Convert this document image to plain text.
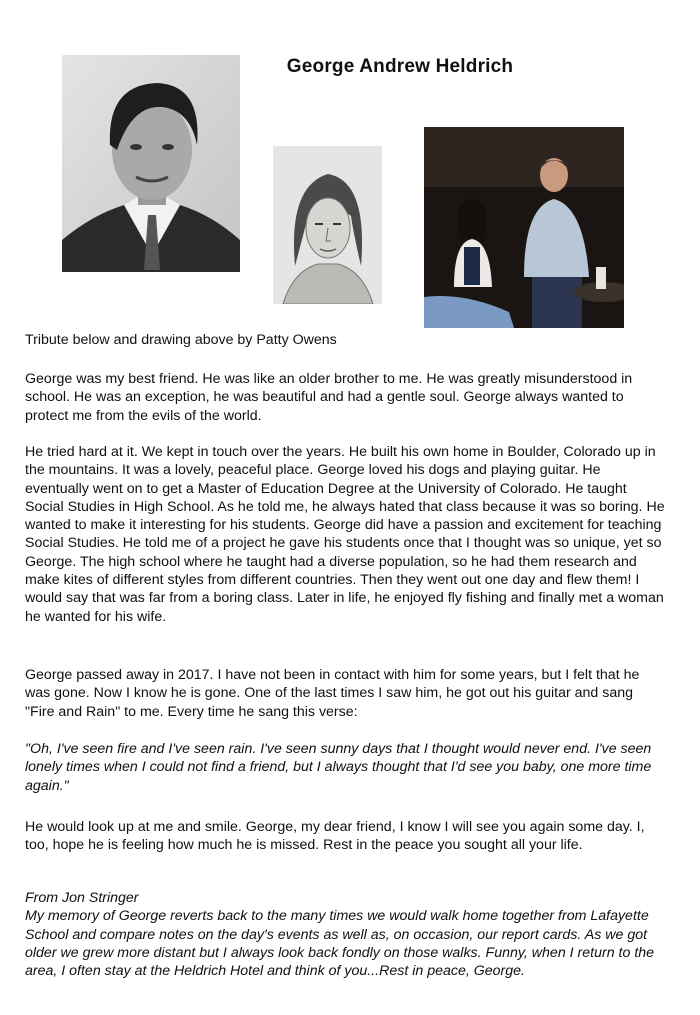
George Andrew Heldrich

Tribute below and drawing above by Patty Owens

George was my best friend. He was like an older brother to me. He was greatly misunderstood in school. He was an exception, he was beautiful and had a gentle soul. George always wanted to protect me from the evils of the world.

He tried hard at it. We kept in touch over the years. He built his own home in Boulder, Colorado up in the mountains. It was a lovely, peaceful place. George loved his dogs and playing guitar. He eventually went on to get a Master of Education Degree at the University of Colorado. He taught Social Studies in High School. As he told me, he always hated that class because it was so boring. He wanted to make it interesting for his students. George did have a passion and excitement for teaching Social Studies. He told me of a project he gave his students once that I thought was so unique, yet so George. The high school where he taught had a diverse population, so he had them research and make kites of different styles from different countries. Then they went out one day and flew them! I would say that was far from a boring class. Later in life, he enjoyed fly fishing and finally met a woman he wanted for his wife.

George passed away in 2017. I have not been in contact with him for some years, but I felt that he was gone. Now I know he is gone. One of the last times I saw him, he got out his guitar and sang "Fire and Rain" to me. Every time he sang this verse:

"Oh, I've seen fire and I've seen rain. I've seen sunny days that I thought would never end. I've seen lonely times when I could not find a friend, but I always thought that I'd see you baby, one more time again."

He would look up at me and smile. George, my dear friend, I know I will see you again some day. I, too, hope he is feeling how much he is missed. Rest in the peace you sought all your life.

From Jon Stringer
My memory of George reverts back to the many times we would walk home together from Lafayette School and compare notes on the day's events as well as, on occasion, our report cards. As we got older we grew more distant but I always look back fondly on those walks. Funny, when I return to the area, I often stay at the Heldrich Hotel and think of you...Rest in peace, George.
